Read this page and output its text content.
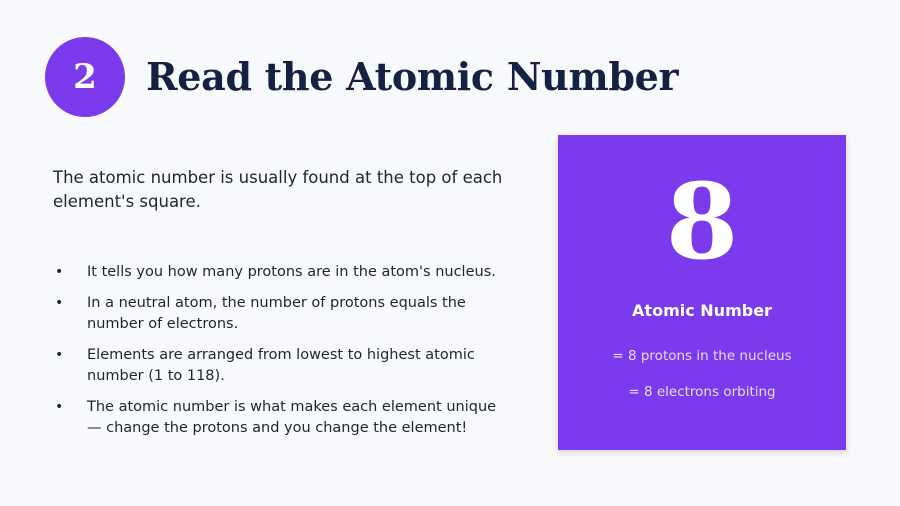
2 Read the Atomic Number

The atomic number is usually found at the top of each element's square.

• It tells you how many protons are in the atom's nucleus.
• In a neutral atom, the number of protons equals the number of electrons.
• Elements are arranged from lowest to highest atomic number (1 to 118).
• The atomic number is what makes each element unique — change the protons and you change the element!
8
Atomic Number
= 8 protons in the nucleus
= 8 electrons orbiting
